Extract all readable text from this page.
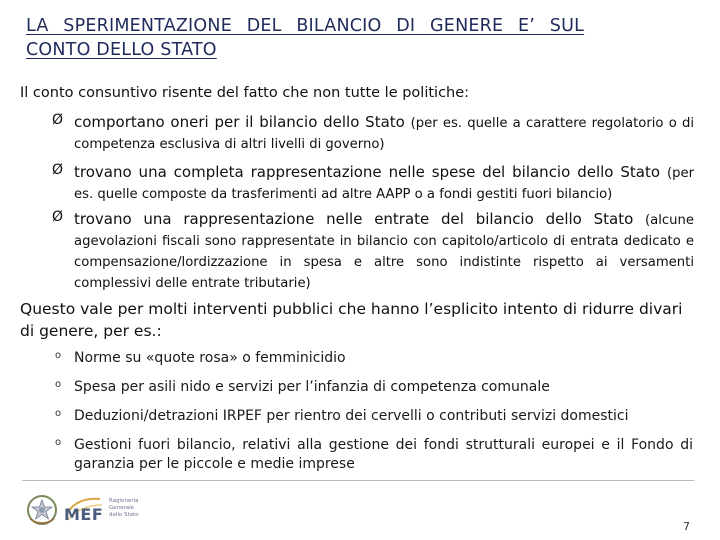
LA SPERIMENTAZIONE DEL BILANCIO DI GENERE E’ SUL
CONTO DELLO STATO
Il conto consuntivo risente del fatto che non tutte le politiche:
Ø comportano oneri per il bilancio dello Stato (per es. quelle a carattere regolatorio o di competenza esclusiva di altri livelli di governo)
Ø trovano una completa rappresentazione nelle spese del bilancio dello Stato (per es. quelle composte da trasferimenti ad altre AAPP o a fondi gestiti fuori bilancio)
Ø trovano una rappresentazione nelle entrate del bilancio dello Stato (alcune agevolazioni fiscali sono rappresentate in bilancio con capitolo/articolo di entrata dedicato e compensazione/lordizzazione in spesa e altre sono indistinte rispetto ai versamenti complessivi delle entrate tributarie)
Questo vale per molti interventi pubblici che hanno l’esplicito intento di ridurre divari di genere, per es.:
o Norme su «quote rosa» o femminicidio
o Spesa per asili nido e servizi per l’infanzia di competenza comunale
o Deduzioni/detrazioni IRPEF per rientro dei cervelli o contributi servizi domestici
o Gestioni fuori bilancio, relativi alla gestione dei fondi strutturali europei e il Fondo di garanzia per le piccole e medie imprese
MEF
Ragioneria
Generale
dello Stato
7
